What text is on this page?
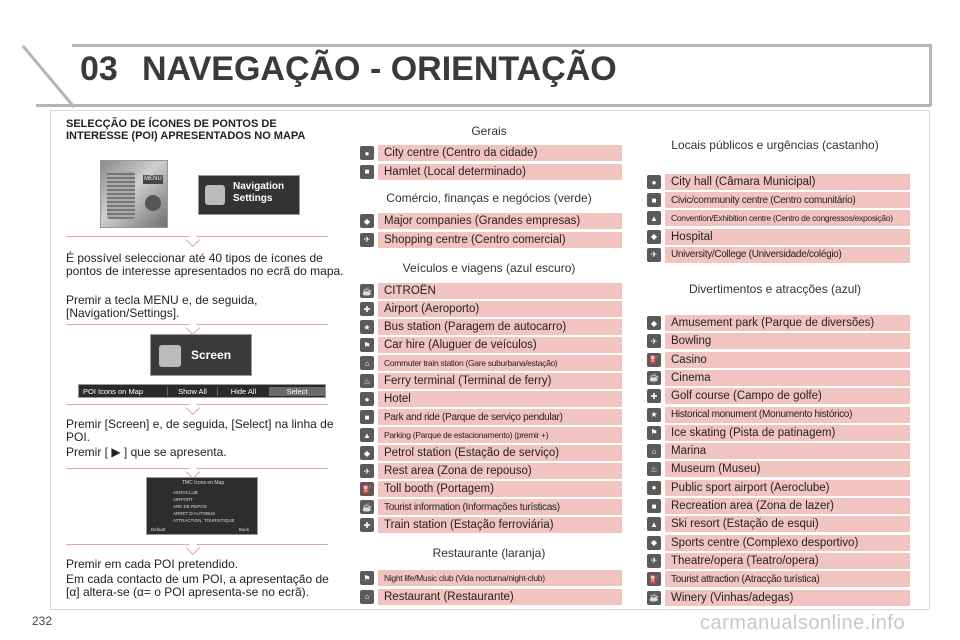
03 NAVEGAÇÃO - ORIENTAÇÃO
SELECÇÃO DE ÍCONES DE PONTOS DE INTERESSE (POI) APRESENTADOS NO MAPA
MENU
Navigation Settings
É possível seleccionar até 40 tipos de ícones de pontos de interesse apresentados no ecrã do mapa.
Premir a tecla MENU e, de seguida, [Navigation/Settings].
Screen
POI Icons on Map	Show All	Hide All	Select
Premir [Screen] e, de seguida, [Select] na linha de POI.
Premir [ ▶ ] que se apresenta.
TMC Icons on Map
AEROCLUB
AIRPORT
ARE DE REPOS
ARRET D'AUTOBUS
ATTRACTION, TOURISTIQUE
Default	Back
Premir em cada POI pretendido.
Em cada contacto de um POI, a apresentação de [α] altera-se (α= o POI apresenta-se no ecrã).
Gerais
Comércio, finanças e negócios (verde)
Veículos e viagens (azul escuro)
Restaurante (laranja)
Locais públicos e urgências (castanho)
Divertimentos e atracções (azul)
232	carmanualsonline.info
●	City centre (Centro da cidade)
■	Hamlet (Local determinado)
◆	Major companies (Grandes empresas)
✈	Shopping centre (Centro comercial)
☕ CITROËN
✚	Airport (Aeroporto)
★ Bus station (Paragem de autocarro)
⚑ Car hire (Aluguer de veículos)
⌂	Commuter train station (Gare suburbana/estação)
♨ Ferry terminal (Terminal de ferry)
●	Hotel
■	Park and ride (Parque de serviço pendular)
▲	Parking (Parque de estacionamento) (premir +)
◆	Petrol station (Estação de serviço)
✈	Rest area (Zona de repouso)
⛽ Toll booth (Portagem)
☕ Tourist information (Informações turísticas)
✚	Train station (Estação ferroviária)
⚑	Night life/Music club (Vida nocturna/night-club)
⌂	Restaurant (Restaurante)
●	City hall (Câmara Municipal)
■	Civic/community centre (Centro comunitário)
▲	Convention/Exhibition centre (Centro de congressos/exposição)
◆	Hospital
✈	University/College (Universidade/colégio)
◆	Amusement park (Parque de diversões)
✈	Bowling
⛽ Casino
☕ Cinema
✚	Golf course (Campo de golfe)
★	Historical monument (Monumento histórico)
⚑ Ice skating (Pista de patinagem)
⌂	Marina
♨ Museum (Museu)
●	Public sport airport (Aeroclube)
■	Recreation area (Zona de lazer)
▲ Ski resort (Estação de esqui)
◆	Sports centre (Complexo desportivo)
✈	Theatre/opera (Teatro/opera)
⛽ Tourist attraction (Atracção turística)
☕ Winery (Vinhas/adegas)
